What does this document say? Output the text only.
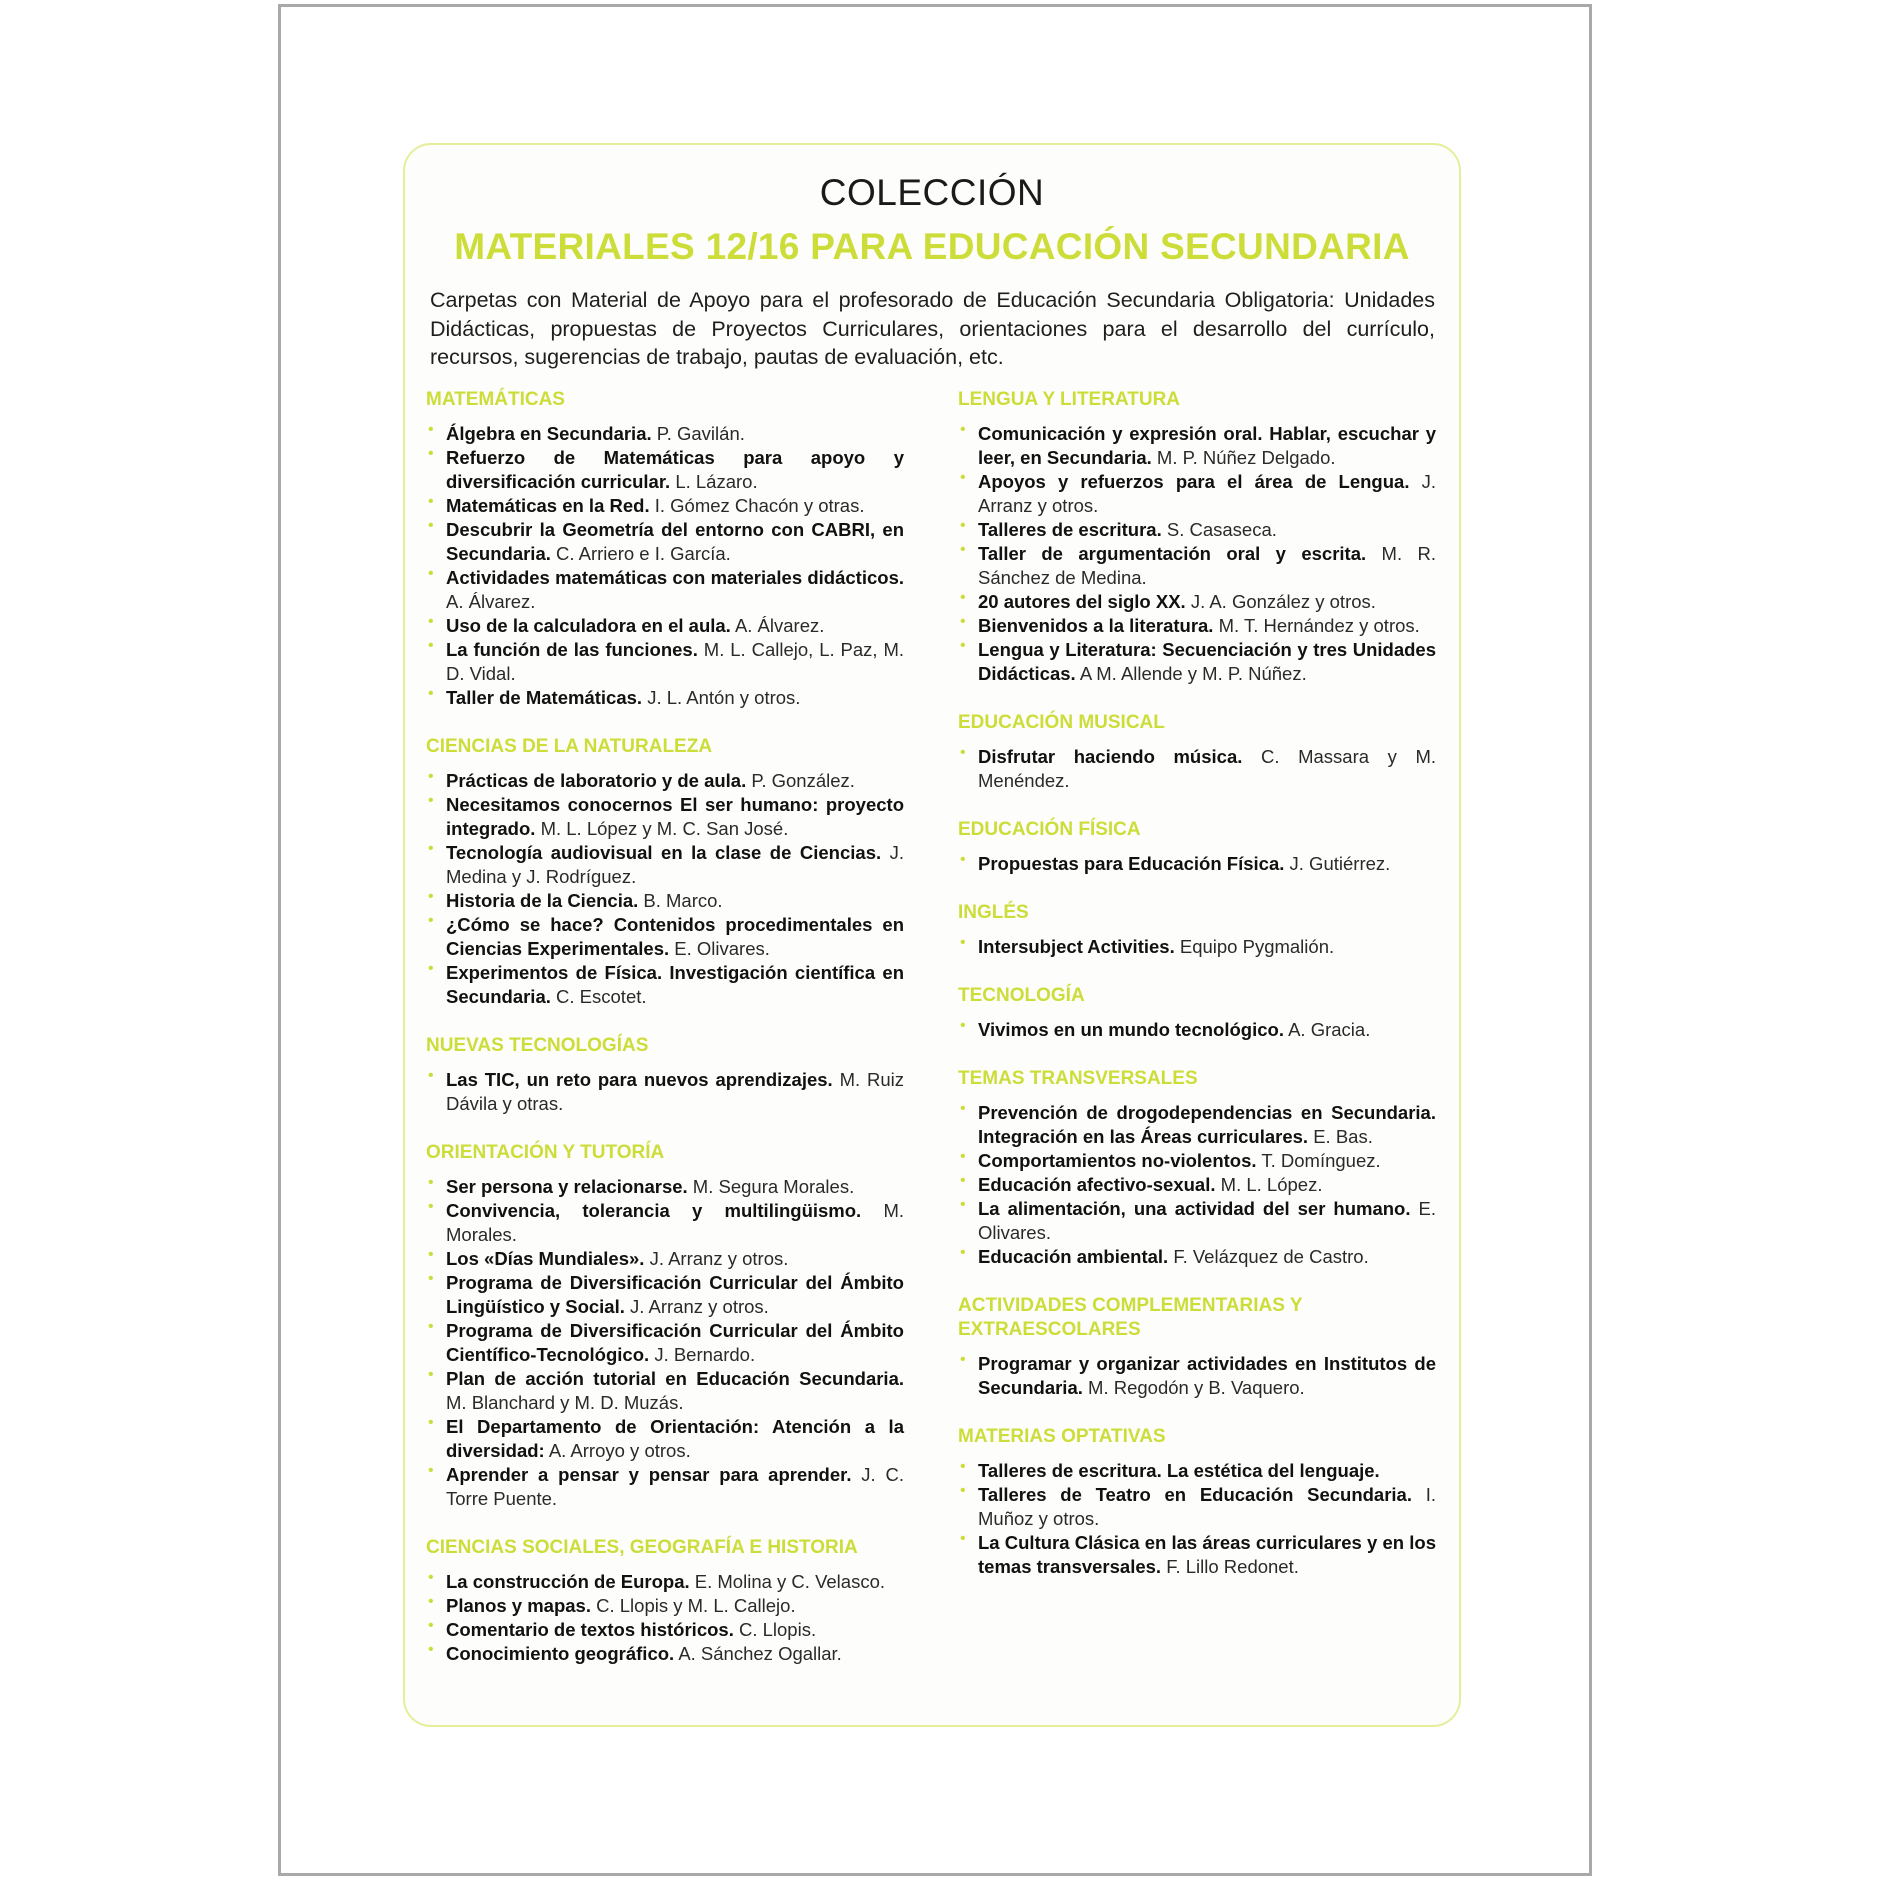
COLECCIÓN
MATERIALES 12/16 PARA EDUCACIÓN SECUNDARIA

Carpetas con Material de Apoyo para el profesorado de Educación Secundaria Obligatoria: Unidades Didácticas, propuestas de Proyectos Curriculares, orientaciones para el desarrollo del currículo, recursos, sugerencias de trabajo, pautas de evaluación, etc.

MATEMÁTICAS
• Álgebra en Secundaria. P. Gavilán.
• Refuerzo de Matemáticas para apoyo y diversificación curricular. L. Lázaro.
• Matemáticas en la Red. I. Gómez Chacón y otras.
• Descubrir la Geometría del entorno con CABRI, en Secundaria. C. Arriero e I. García.
• Actividades matemáticas con materiales didácticos. A. Álvarez.
• Uso de la calculadora en el aula. A. Álvarez.
• La función de las funciones. M. L. Callejo, L. Paz, M. D. Vidal.
• Taller de Matemáticas. J. L. Antón y otros.
CIENCIAS DE LA NATURALEZA
• Prácticas de laboratorio y de aula. P. González.
• Necesitamos conocernos El ser humano: proyecto integrado. M. L. López y M. C. San José.
• Tecnología audiovisual en la clase de Ciencias. J. Medina y J. Rodríguez.
• Historia de la Ciencia. B. Marco.
• ¿Cómo se hace? Contenidos procedimentales en Ciencias Experimentales. E. Olivares.
• Experimentos de Física. Investigación científica en Secundaria. C. Escotet.
NUEVAS TECNOLOGÍAS
• Las TIC, un reto para nuevos aprendizajes. M. Ruiz Dávila y otras.
ORIENTACIÓN Y TUTORÍA
• Ser persona y relacionarse. M. Segura Morales.
• Convivencia, tolerancia y multilingüismo. M. Morales.
• Los «Días Mundiales». J. Arranz y otros.
• Programa de Diversificación Curricular del Ámbito Lingüístico y Social. J. Arranz y otros.
• Programa de Diversificación Curricular del Ámbito Científico-Tecnológico. J. Bernardo.
• Plan de acción tutorial en Educación Secundaria. M. Blanchard y M. D. Muzás.
• El Departamento de Orientación: Atención a la diversidad: A. Arroyo y otros.
• Aprender a pensar y pensar para aprender. J. C. Torre Puente.
CIENCIAS SOCIALES, GEOGRAFÍA E HISTORIA
• La construcción de Europa. E. Molina y C. Velasco.
• Planos y mapas. C. Llopis y M. L. Callejo.
• Comentario de textos históricos. C. Llopis.
• Conocimiento geográfico. A. Sánchez Ogallar.
LENGUA Y LITERATURA
• Comunicación y expresión oral. Hablar, escuchar y leer, en Secundaria. M. P. Núñez Delgado.
• Apoyos y refuerzos para el área de Lengua. J. Arranz y otros.
• Talleres de escritura. S. Casaseca.
• Taller de argumentación oral y escrita. M. R. Sánchez de Medina.
• 20 autores del siglo XX. J. A. González y otros.
• Bienvenidos a la literatura. M. T. Hernández y otros.
• Lengua y Literatura: Secuenciación y tres Unidades Didácticas. A M. Allende y M. P. Núñez.
EDUCACIÓN MUSICAL
• Disfrutar haciendo música. C. Massara y M. Menéndez.
EDUCACIÓN FÍSICA
• Propuestas para Educación Física. J. Gutiérrez.
INGLÉS
• Intersubject Activities. Equipo Pygmalión.
TECNOLOGÍA
• Vivimos en un mundo tecnológico. A. Gracia.
TEMAS TRANSVERSALES
• Prevención de drogodependencias en Secundaria. Integración en las Áreas curriculares. E. Bas.
• Comportamientos no-violentos. T. Domínguez.
• Educación afectivo-sexual. M. L. López.
• La alimentación, una actividad del ser humano. E. Olivares.
• Educación ambiental. F. Velázquez de Castro.
ACTIVIDADES COMPLEMENTARIAS Y EXTRAESCOLARES
• Programar y organizar actividades en Institutos de Secundaria. M. Regodón y B. Vaquero.
MATERIAS OPTATIVAS
• Talleres de escritura. La estética del lenguaje.
• Talleres de Teatro en Educación Secundaria. I. Muñoz y otros.
• La Cultura Clásica en las áreas curriculares y en los temas transversales. F. Lillo Redonet.
